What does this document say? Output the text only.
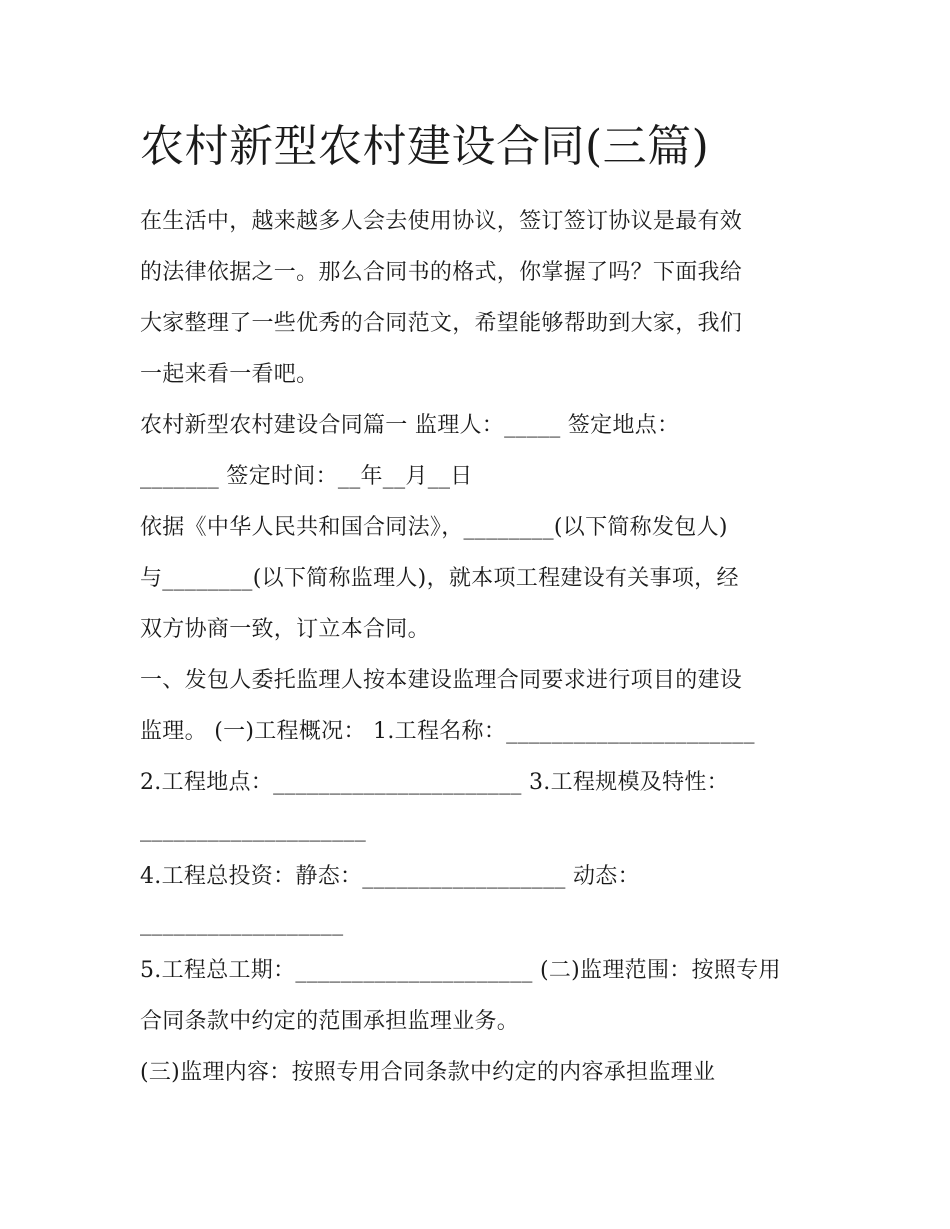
农村新型农村建设合同(三篇)

在生活中，越来越多人会去使用协议，签订签订协议是最有效

的法律依据之一。那么合同书的格式，你掌握了吗？下面我给

大家整理了一些优秀的合同范文，希望能够帮助到大家，我们

一起来看一看吧。

农村新型农村建设合同篇一 监理人：_____ 签定地点：

_______ 签定时间：__年__月__日

依据《中华人民共和国合同法》，________(以下简称发包人)

与________(以下简称监理人)，就本项工程建设有关事项，经

双方协商一致，订立本合同。

一、发包人委托监理人按本建设监理合同要求进行项目的建设

监理。 (一)工程概况： 1.工程名称：______________________

2.工程地点：______________________ 3.工程规模及特性：

____________________

4.工程总投资：静态：__________________ 动态：

__________________

5.工程总工期：_____________________ (二)监理范围：按照专用

合同条款中约定的范围承担监理业务。

(三)监理内容：按照专用合同条款中约定的内容承担监理业
